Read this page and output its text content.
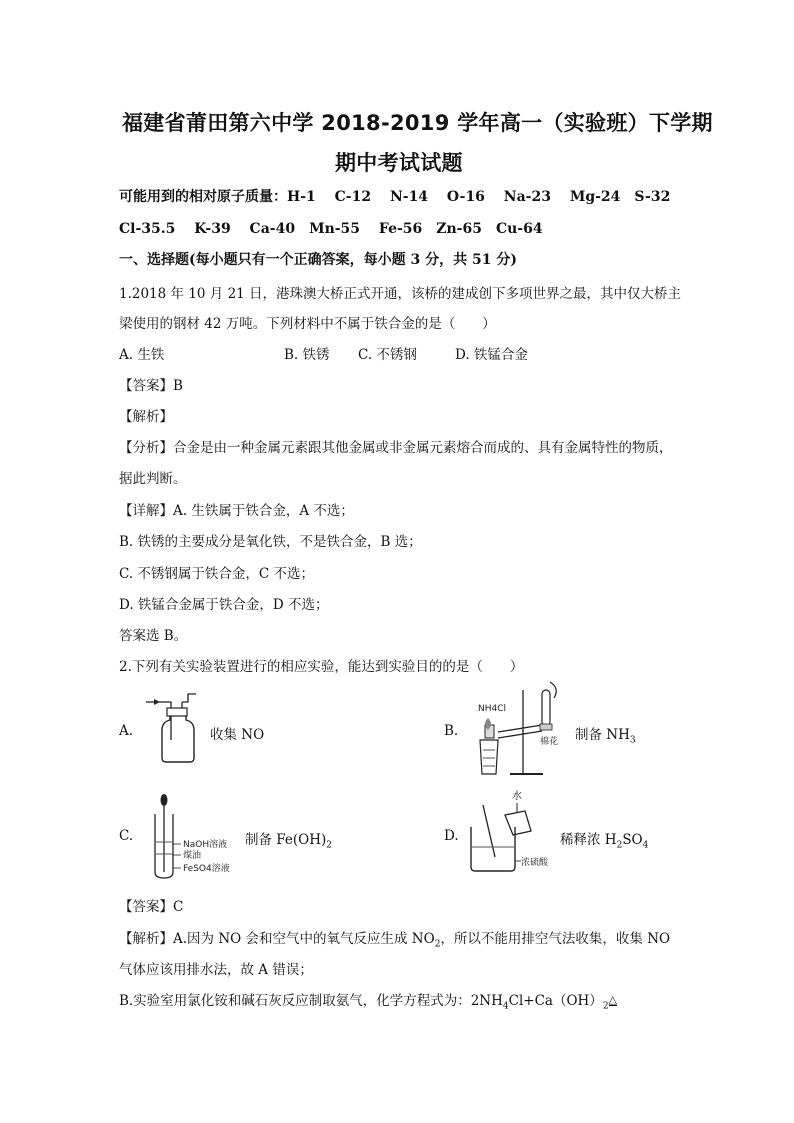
福建省莆田第六中学 2018-2019 学年高一（实验班）下学期
期中考试试题
可能用到的相对原子质量：H-1　 C-12　 N-14　 O-16　 Na-23　 Mg-24　S-32
Cl-35.5　 K-39　 Ca-40　Mn-55　 Fe-56　Zn-65　Cu-64
一、选择题(每小题只有一个正确答案，每小题 3 分，共 51 分)
1.2018 年 10 月 21 日，港珠澳大桥正式开通，该桥的建成创下多项世界之最，其中仅大桥主
梁使用的钢材 42 万吨。下列材料中不属于铁合金的是（　　）
A. 生铁	B. 铁锈 C. 不锈钢	D. 铁锰合金
【答案】B
【解析】
【分析】合金是由一种金属元素跟其他金属或非金属元素熔合而成的、具有金属特性的物质，
据此判断。
【详解】A. 生铁属于铁合金，A 不选；
B. 铁锈的主要成分是氧化铁，不是铁合金，B 选；
C. 不锈钢属于铁合金，C 不选；
D. 铁锰合金属于铁合金，D 不选；
答案选 B。
2.下列有关实验装置进行的相应实验，能达到实验目的的是（　　）
A.	收集 NO	B.
NH4Cl
棉花 制备 $NH_3$
C.
NaOH溶液
煤油
FeSO4溶液
制备 $Fe(OH)_2$
D.
水
浓硫酸
稀释浓 $H_2SO_4$
【答案】C
【解析】A.因为 NO 会和空气中的氧气反应生成 $NO_2$，所以不能用排空气法收集，收集 NO
气体应该用排水法，故 A 错误；
B.实验室用氯化铵和碱石灰反应制取氨气，化学方程式为：$2NH_4Cl+Ca(OH)_2\triangle$
